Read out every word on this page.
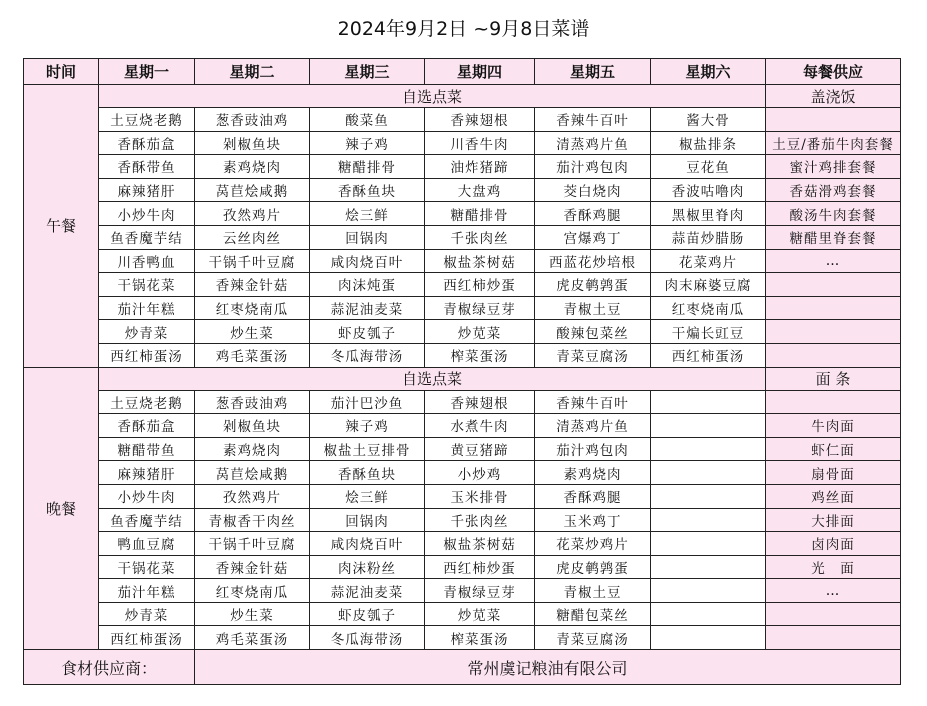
2024年9月2日 ~9月8日菜谱
时间	星期一	星期二	星期三	星期四	星期五	星期六	每餐供应
午餐	自选点菜						盖浇饭
	土豆烧老鹅	葱香豉油鸡	酸菜鱼	香辣翅根	香辣牛百叶	酱大骨	
	香酥茄盒	剁椒鱼块	辣子鸡	川香牛肉	清蒸鸡片鱼	椒盐排条	土豆/番茄牛肉套餐
	香酥带鱼	素鸡烧肉	糖醋排骨	油炸猪蹄	茄汁鸡包肉	豆花鱼	蜜汁鸡排套餐
	麻辣猪肝	莴苣烩咸鹅	香酥鱼块	大盘鸡	茭白烧肉	香波咕噜肉	香菇滑鸡套餐
	小炒牛肉	孜然鸡片	烩三鲜	糖醋排骨	香酥鸡腿	黑椒里脊肉	酸汤牛肉套餐
	鱼香魔芋结	云丝肉丝	回锅肉	千张肉丝	宫爆鸡丁	蒜苗炒腊肠	糖醋里脊套餐
	川香鸭血	干锅千叶豆腐	咸肉烧百叶	椒盐茶树菇	西蓝花炒培根	花菜鸡片	…
	干锅花菜	香辣金针菇	肉沫炖蛋	西红柿炒蛋	虎皮鹌鹑蛋	肉末麻婆豆腐	
	茄汁年糕	红枣烧南瓜	蒜泥油麦菜	青椒绿豆芽	青椒土豆	红枣烧南瓜	
	炒青菜	炒生菜	虾皮瓠子	炒苋菜	酸辣包菜丝	干煸长豇豆	
	西红柿蛋汤	鸡毛菜蛋汤	冬瓜海带汤	榨菜蛋汤	青菜豆腐汤	西红柿蛋汤	
晚餐	自选点菜						面 条
	土豆烧老鹅	葱香豉油鸡	茄汁巴沙鱼	香辣翅根	香辣牛百叶		
	香酥茄盒	剁椒鱼块	辣子鸡	水煮牛肉	清蒸鸡片鱼		牛肉面
	糖醋带鱼	素鸡烧肉	椒盐土豆排骨	黄豆猪蹄	茄汁鸡包肉		虾仁面
	麻辣猪肝	莴苣烩咸鹅	香酥鱼块	小炒鸡	素鸡烧肉		扇骨面
	小炒牛肉	孜然鸡片	烩三鲜	玉米排骨	香酥鸡腿		鸡丝面
	鱼香魔芋结	青椒香干肉丝	回锅肉	千张肉丝	玉米鸡丁		大排面
	鸭血豆腐	干锅千叶豆腐	咸肉烧百叶	椒盐茶树菇	花菜炒鸡片		卤肉面
	干锅花菜	香辣金针菇	肉沫粉丝	西红柿炒蛋	虎皮鹌鹑蛋		光　面
	茄汁年糕	红枣烧南瓜	蒜泥油麦菜	青椒绿豆芽	青椒土豆		…
	炒青菜	炒生菜	虾皮瓠子	炒苋菜	糖醋包菜丝		
	西红柿蛋汤	鸡毛菜蛋汤	冬瓜海带汤	榨菜蛋汤	青菜豆腐汤		
食材供应商：		常州虞记粮油有限公司					
